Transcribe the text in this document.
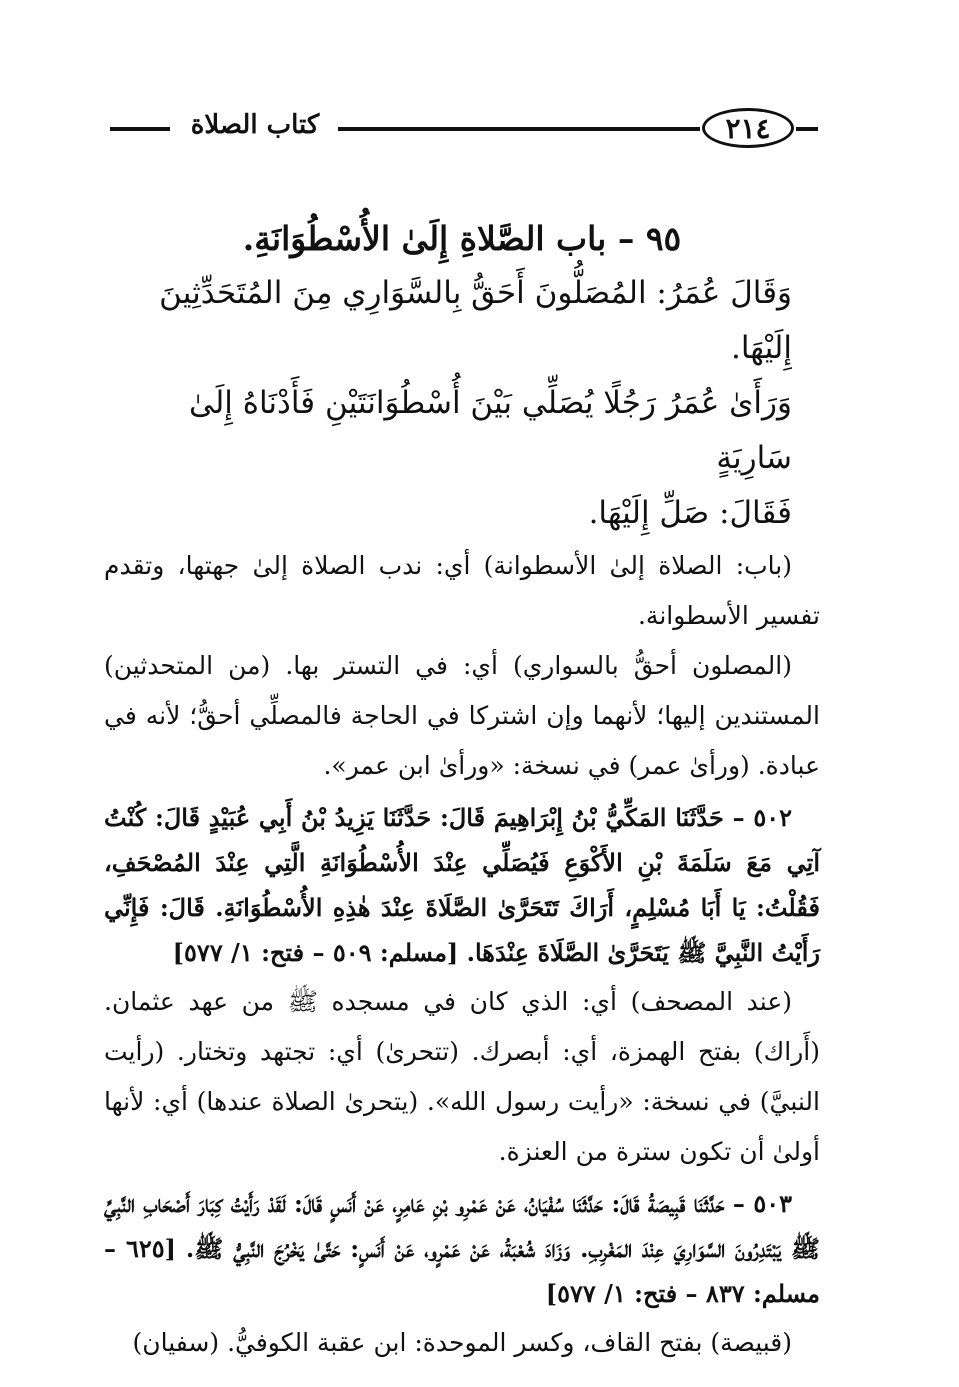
كتاب الصلاة	٢١٤

٩٥ – باب الصَّلاةِ إِلَىٰ الأُسْطُوَانَةِ.

وَقَالَ عُمَرُ: المُصَلُّونَ أَحَقُّ بِالسَّوَارِي مِنَ المُتَحَدِّثِينَ إِلَيْهَا.

وَرَأَىٰ عُمَرُ رَجُلًا يُصَلِّي بَيْنَ أُسْطُوَانَتَيْنِ فَأَدْنَاهُ إِلَىٰ سَارِيَةٍ

فَقَالَ: صَلِّ إِلَيْهَا.

(باب: الصلاة إلىٰ الأسطوانة) أي: ندب الصلاة إلىٰ جهتها، وتقدم تفسير الأسطوانة.

(المصلون أحقُّ بالسواري) أي: في التستر بها. (من المتحدثين) المستندين إليها؛ لأنهما وإن اشتركا في الحاجة فالمصلِّي أحقُّ؛ لأنه في عبادة. (ورأىٰ عمر) في نسخة: «ورأىٰ ابن عمر».

٥٠٢ – حَدَّثَنَا المَكِّيُّ بْنُ إِبْرَاهِيمَ قَالَ: حَدَّثَنَا يَزِيدُ بْنُ أَبِي عُبَيْدٍ قَالَ: كُنْتُ آتِي مَعَ سَلَمَةَ بْنِ الأَكْوَعِ فَيُصَلِّي عِنْدَ الأُسْطُوَانَةِ الَّتِي عِنْدَ المُصْحَفِ، فَقُلْتُ: يَا أَبَا مُسْلِمٍ، أَرَاكَ تَتَحَرَّىٰ الصَّلَاةَ عِنْدَ هٰذِهِ الأُسْطُوَانَةِ. قَالَ: فَإِنِّي رَأَيْتُ النَّبِيَّ ﷺ يَتَحَرَّىٰ الصَّلَاةَ عِنْدَهَا. [مسلم: ٥٠٩ – فتح: ١/ ٥٧٧]

(عند المصحف) أي: الذي كان في مسجده ﷺ من عهد عثمان. (أَراك) بفتح الهمزة، أي: أبصرك. (تتحرىٰ) أي: تجتهد وتختار. (رأيت النبيَّ) في نسخة: «رأيت رسول الله». (يتحرىٰ الصلاة عندها) أي: لأنها أولىٰ أن تكون سترة من العنزة.

٥٠٣ – حَدَّثَنَا قَبِيصَةُ قَالَ: حَدَّثَنَا سُفْيَانُ، عَنْ عَمْرِو بْنِ عَامِرٍ، عَنْ أَنَسٍ قَالَ: لَقَدْ رَأَيْتُ كِبَارَ أَصْحَابِ النَّبِيِّ ﷺ يَبْتَدِرُونَ السَّوَارِيَ عِنْدَ المَغْرِبِ. وَزَادَ شُعْبَةُ، عَنْ عَمْرٍو، عَنْ أَنَسٍ: حَتَّىٰ يَخْرُجَ النَّبِيُّ ﷺ. [٦٢٥ – مسلم: ٨٣٧ – فتح: ١/ ٥٧٧]

(قبيصة) بفتح القاف، وكسر الموحدة: ابن عقبة الكوفيُّ. (سفيان)
